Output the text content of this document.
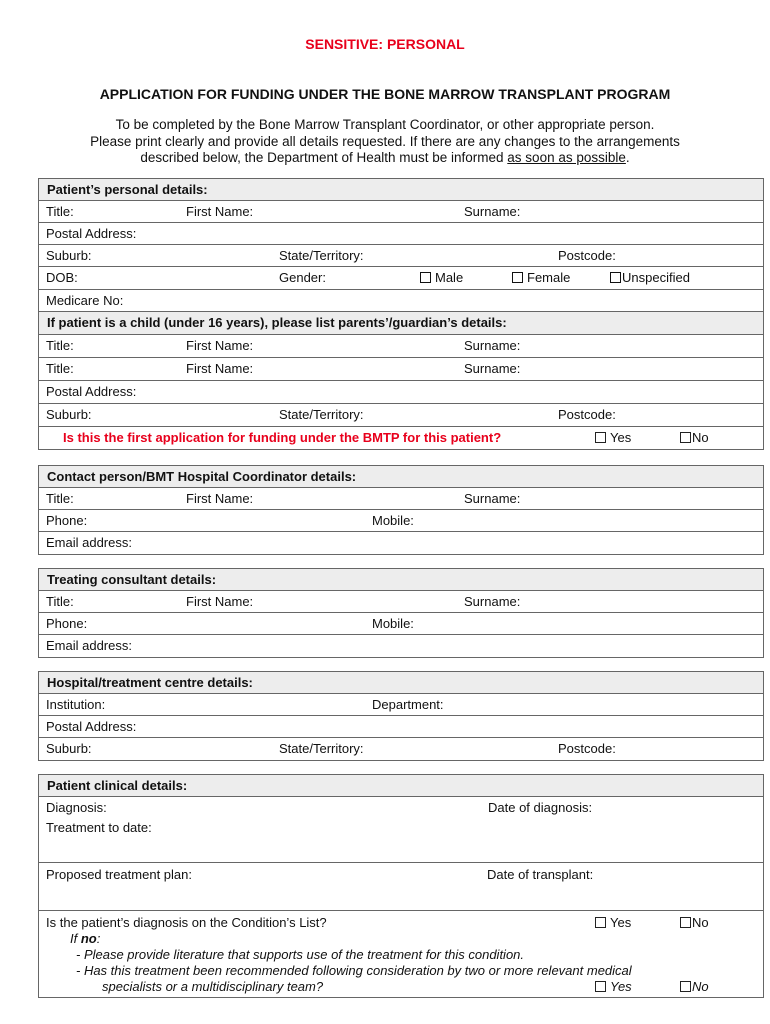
SENSITIVE: PERSONAL
APPLICATION FOR FUNDING UNDER THE BONE MARROW TRANSPLANT PROGRAM
To be completed by the Bone Marrow Transplant Coordinator, or other appropriate person.
Please print clearly and provide all details requested. If there are any changes to the arrangements
described below, the Department of Health must be informed as soon as possible.
Patient’s personal details:
Title:	First Name:	Surname:
Postal Address:
Suburb:	State/Territory:	Postcode:
DOB:	Gender:	Male	Female	Unspecified
Medicare No:
If patient is a child (under 16 years), please list parents’/guardian’s details:
Title:	First Name:	Surname:
Title:	First Name:	Surname:
Postal Address:
Suburb:	State/Territory:	Postcode:
Is this the first application for funding under the BMTP for this patient?	Yes	No
Contact person/BMT Hospital Coordinator details:
Title:	First Name:	Surname:
Phone:	Mobile:
Email address:
Treating consultant details:
Title:	First Name:	Surname:
Phone:	Mobile:
Email address:
Hospital/treatment centre details:
Institution:	Department:
Postal Address:
Suburb:	State/Territory:	Postcode:
Patient clinical details:
Diagnosis:	Date of diagnosis:
Treatment to date:
Proposed treatment plan:	Date of transplant:
Is the patient’s diagnosis on the Condition’s List?	Yes	No
If no:
- Please provide literature that supports use of the treatment for this condition.
- Has this treatment been recommended following consideration by two or more relevant medical
specialists or a multidisciplinary team?	Yes	No
